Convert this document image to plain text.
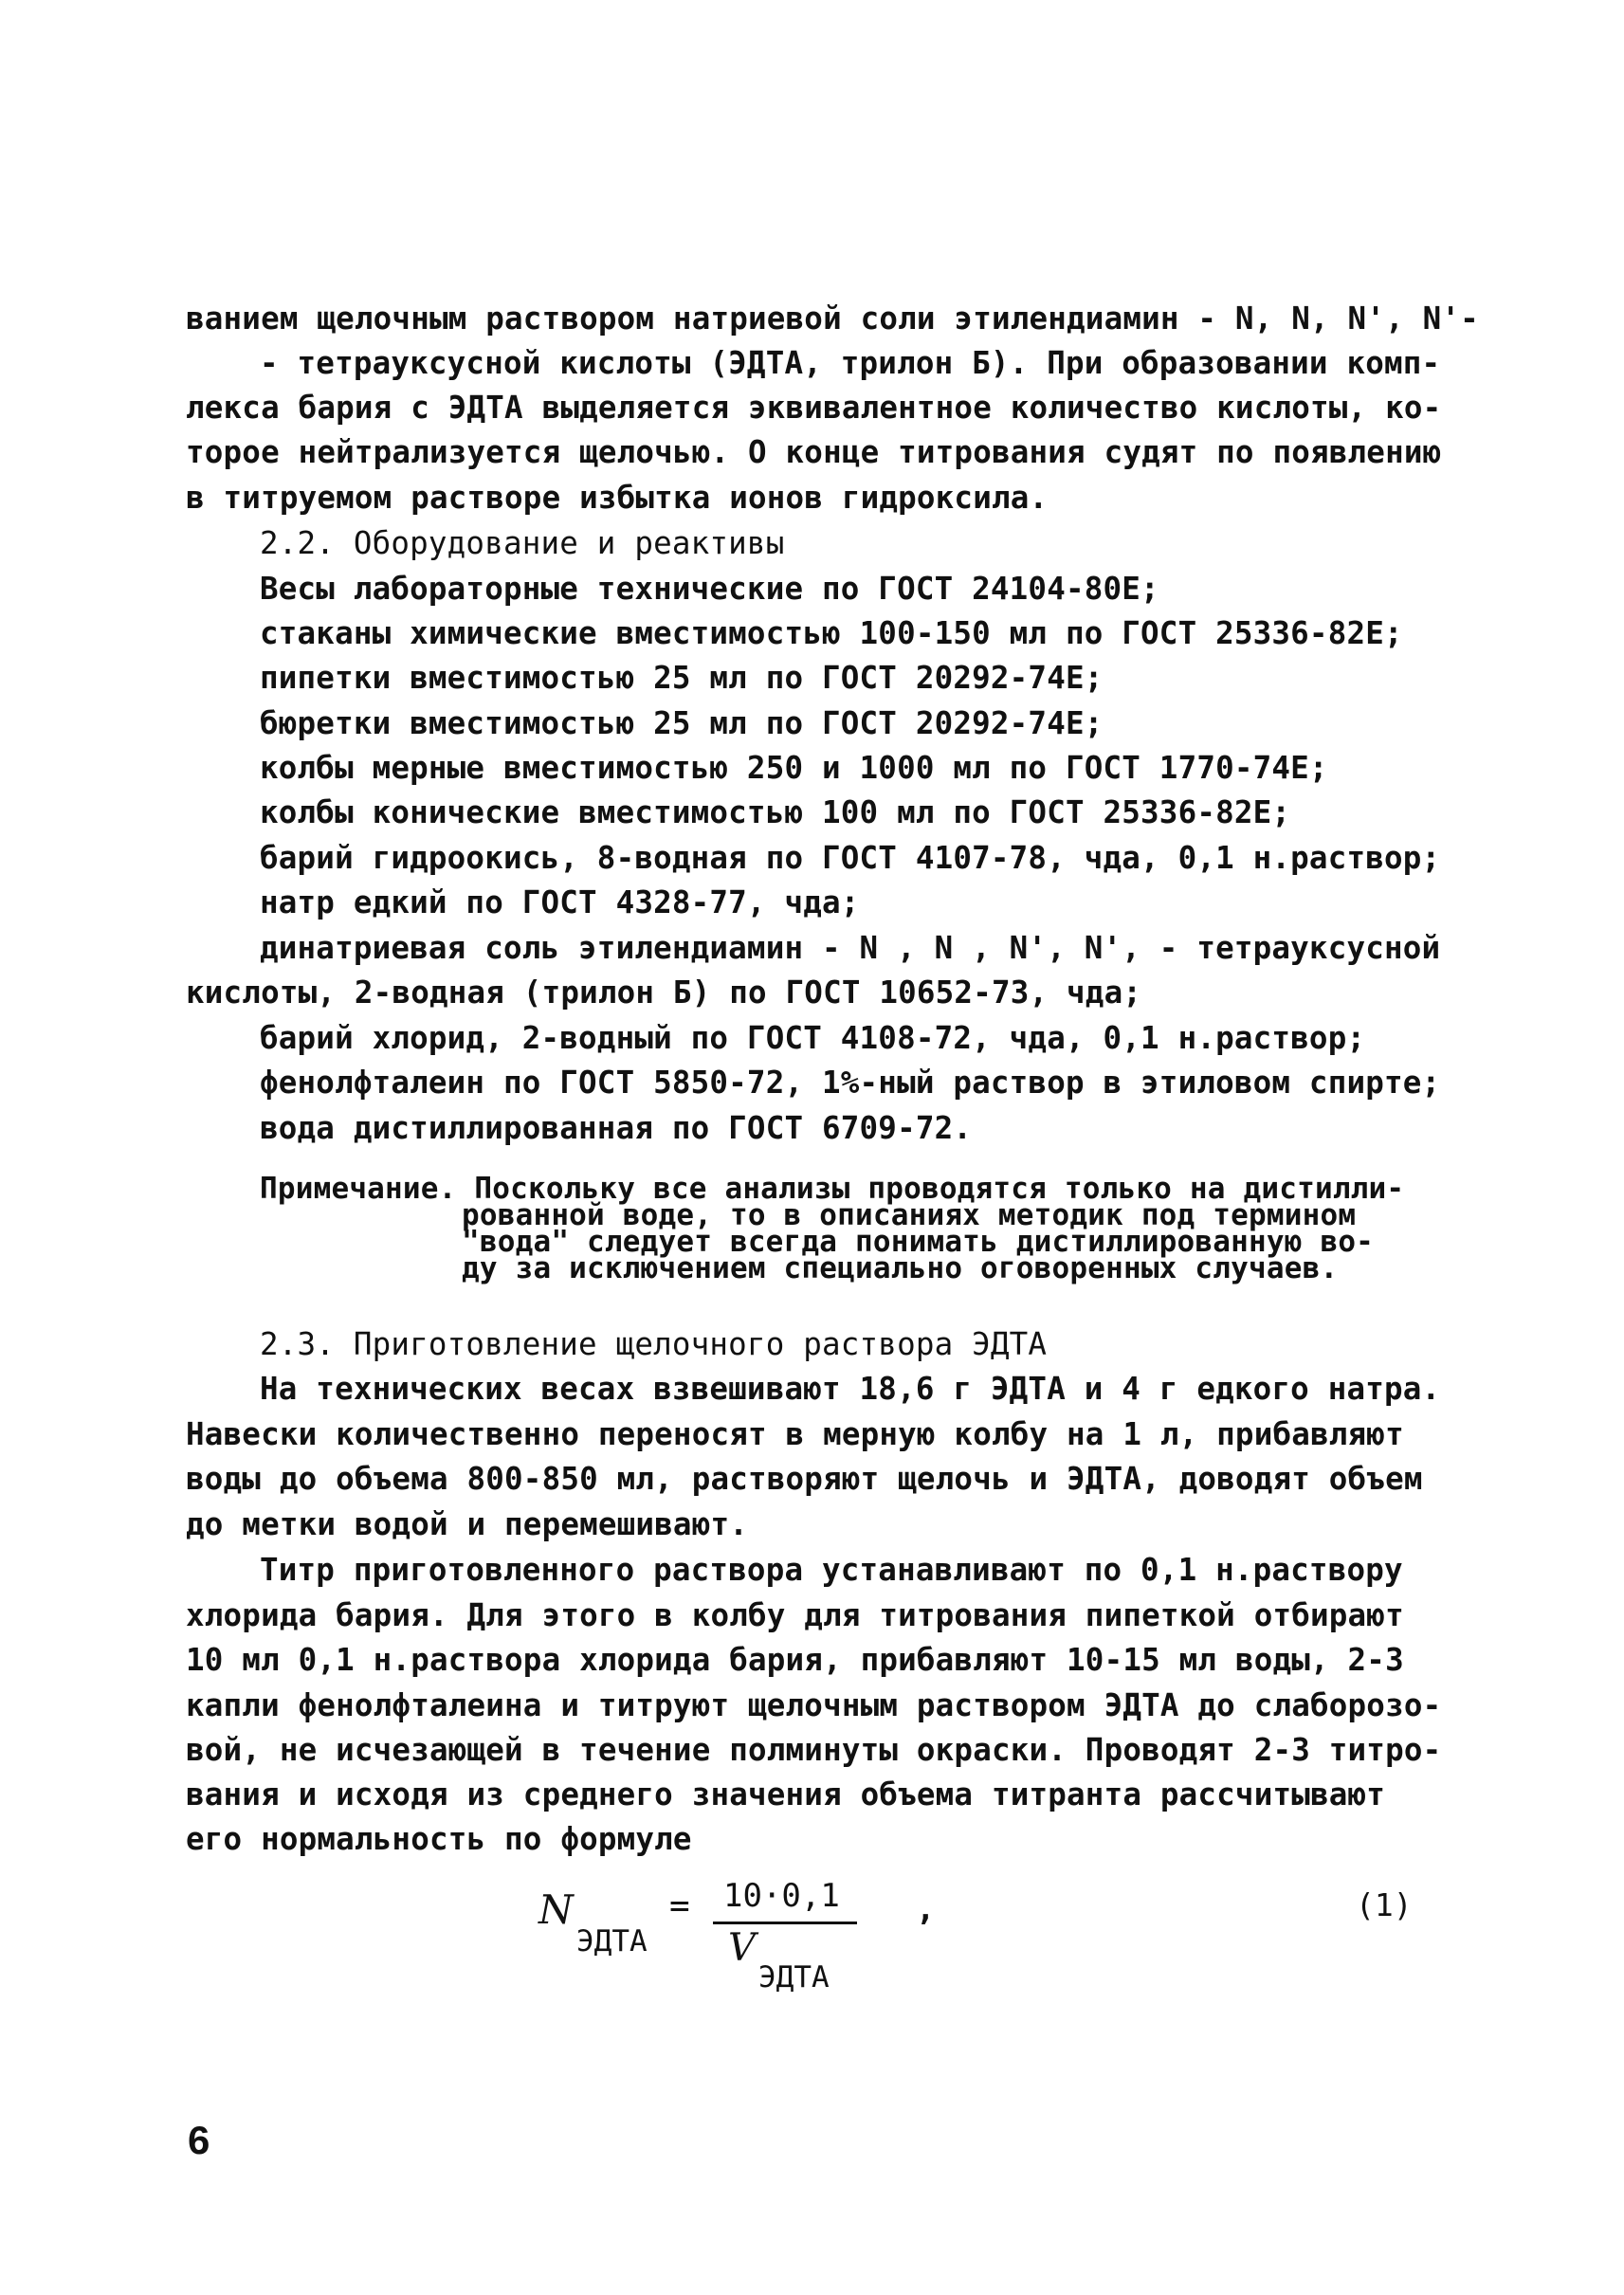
ванием щелочным раствором натриевой соли этилендиамин - N, N, N', N'-
- тетрауксусной кислоты (ЭДТА, трилон Б). При образовании комп-
лекса бария с ЭДТА выделяется эквивалентное количество кислоты, ко-
торое нейтрализуется щелочью. О конце титрования судят по появлению
в титруемом растворе избытка ионов гидроксила.
2.2. Оборудование и реактивы
Весы лабораторные технические по ГОСТ 24104-80Е;
стаканы химические вместимостью 100-150 мл по ГОСТ 25336-82Е;
пипетки вместимостью 25 мл по ГОСТ 20292-74Е;
бюретки вместимостью 25 мл по ГОСТ 20292-74Е;
колбы мерные вместимостью 250 и 1000 мл по ГОСТ 1770-74Е;
колбы конические вместимостью 100 мл по ГОСТ 25336-82Е;
барий гидроокись, 8-водная по ГОСТ 4107-78, чда, 0,1 н.раствор;
натр едкий по ГОСТ 4328-77, чда;
динатриевая соль этилендиамин - N , N , N', N', - тетрауксусной
кислоты, 2-водная (трилон Б) по ГОСТ 10652-73, чда;
барий хлорид, 2-водный по ГОСТ 4108-72, чда, 0,1 н.раствор;
фенолфталеин по ГОСТ 5850-72, 1%-ный раствор в этиловом спирте;
вода дистиллированная по ГОСТ 6709-72.
Примечание. Поскольку все анализы проводятся только на дистилли-
рованной воде, то в описаниях методик под термином
"вода" следует всегда понимать дистиллированную во-
ду за исключением специально оговоренных случаев.
2.3. Приготовление щелочного раствора ЭДТА
На технических весах взвешивают 18,6 г ЭДТА и 4 г едкого натра.
Навески количественно переносят в мерную колбу на 1 л, прибавляют
воды до объема 800-850 мл, растворяют щелочь и ЭДТА, доводят объем
до метки водой и перемешивают.
Титр приготовленного раствора устанавливают по 0,1 н.раствору
хлорида бария. Для этого в колбу для титрования пипеткой отбирают
10 мл 0,1 н.раствора хлорида бария, прибавляют 10-15 мл воды, 2-3
капли фенолфталеина и титруют щелочным раствором ЭДТА до слаборозо-
вой, не исчезающей в течение полминуты окраски. Проводят 2-3 титро-
вания и исходя из среднего значения объема титранта рассчитывают
его нормальность по формуле
N
ЭДТА
= 10·0,1
V
ЭДТА
,	(1)
6
